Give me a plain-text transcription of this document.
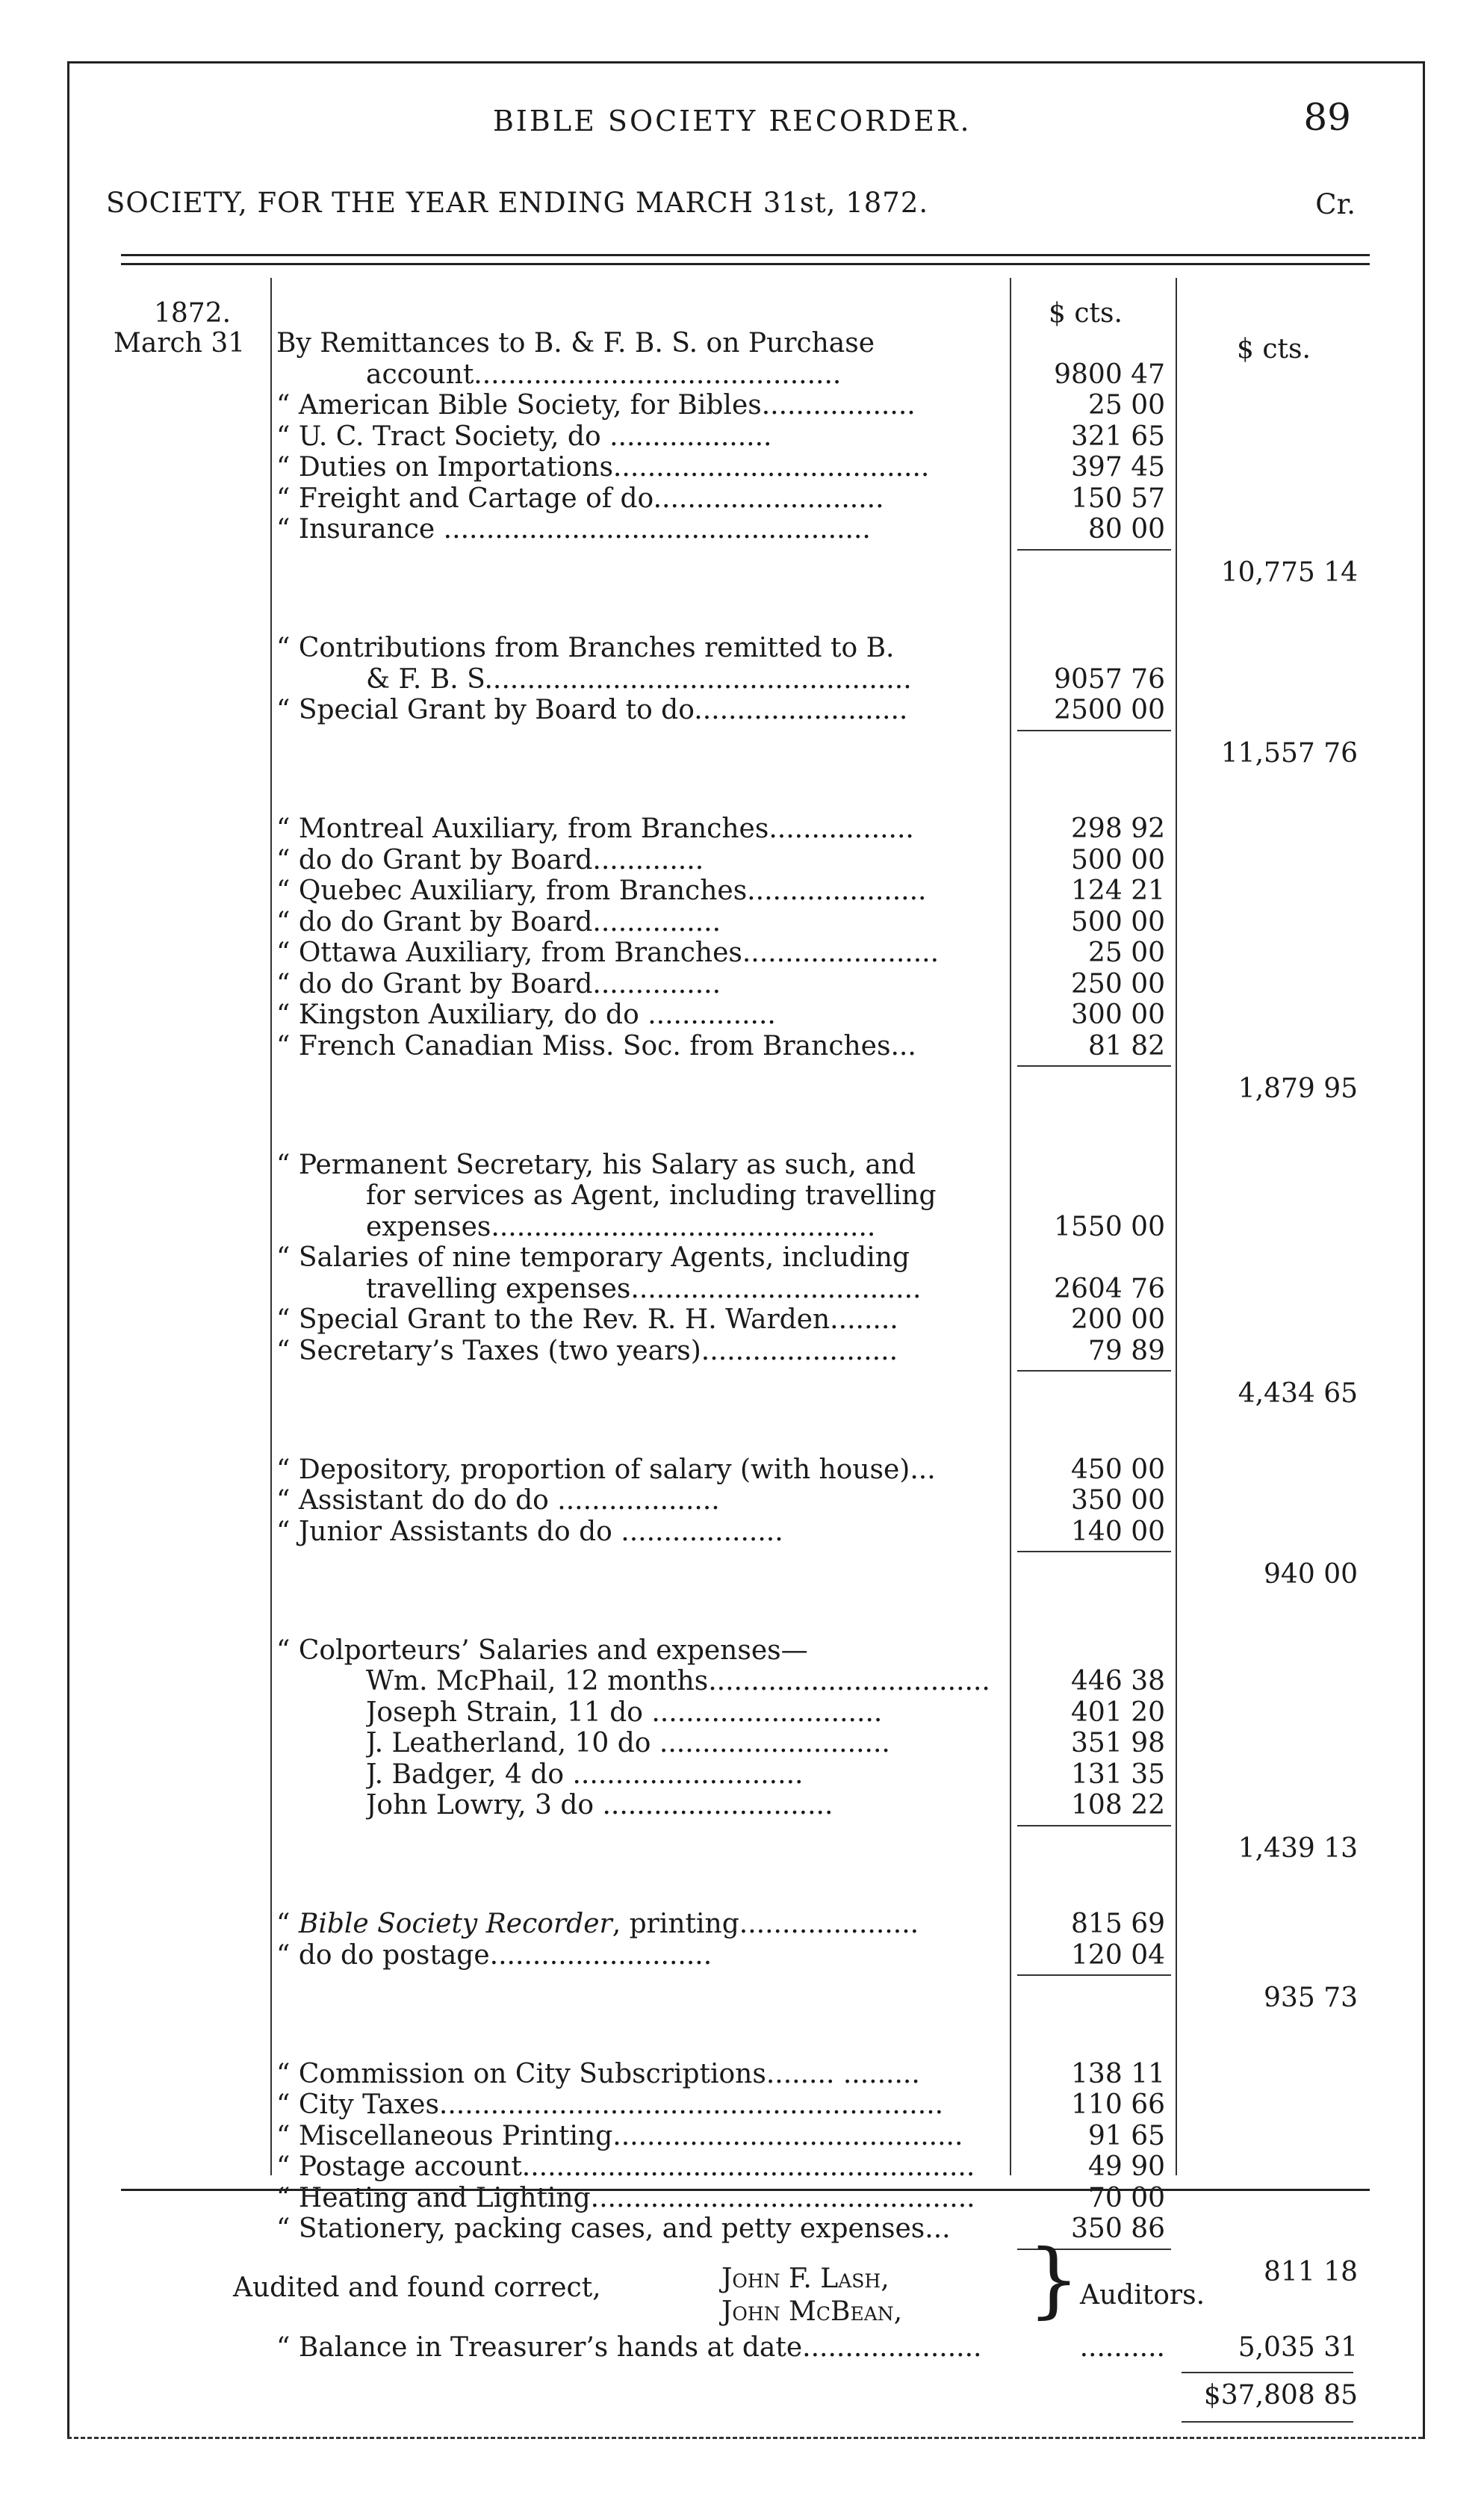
BIBLE SOCIETY RECORDER.	89
SOCIETY, FOR THE YEAR ENDING MARCH 31st, 1872.	Cr.
$ cts.
$ cts.
1872.
March 31 By Remittances to B. & F. B. S. on Purchase
account...........................................	9800 47
“ American Bible Society, for Bibles..................	25 00
“ U. C. Tract Society, do ...................	321 65
“ Duties on Importations.....................................	397 45
“ Freight and Cartage of do...........................	150 57
“ Insurance ..................................................	80 00
10,775 14
“ Contributions from Branches remitted to B.
& F. B. S..................................................	9057 76
“ Special Grant by Board to do.........................	2500 00
11,557 76
“ Montreal Auxiliary, from Branches.................	298 92
“ do do Grant by Board.............	500 00
“ Quebec Auxiliary, from Branches.....................	124 21
“ do do Grant by Board...............	500 00
“ Ottawa Auxiliary, from Branches.......................	25 00
“ do do Grant by Board...............	250 00
“ Kingston Auxiliary, do do ...............	300 00
“ French Canadian Miss. Soc. from Branches...	81 82
1,879 95
“ Permanent Secretary, his Salary as such, and
for services as Agent, including travelling
expenses.............................................	1550 00
“ Salaries of nine temporary Agents, including
travelling expenses..................................	2604 76
“ Special Grant to the Rev. R. H. Warden........	200 00
“ Secretary’s Taxes (two years).......................	79 89
4,434 65
“ Depository, proportion of salary (with house)...	450 00
“ Assistant do do do ...................	350 00
“ Junior Assistants do do ...................	140 00
940 00
“ Colporteurs’ Salaries and expenses—
Wm. McPhail, 12 months.................................	446 38
Joseph Strain, 11 do ...........................	401 20
J. Leatherland, 10 do ...........................	351 98
J. Badger, 4 do ...........................	131 35
John Lowry, 3 do ...........................	108 22
1,439 13
“ Bible Society Recorder, printing.....................	815 69
“ do do postage..........................	120 04
935 73
“ Commission on City Subscriptions........ .........	138 11
“ City Taxes...........................................................	110 66
“ Miscellaneous Printing.........................................	91 65
“ Postage account.....................................................	49 90
“ Heating and Lighting.............................................	70 00
“ Stationery, packing cases, and petty expenses...	350 86
811 18
“ Balance in Treasurer’s hands at date.....................	..........	5,035 31
$37,808 85
Audited and found correct,	John F. Lash,
John McBean, } Auditors.
